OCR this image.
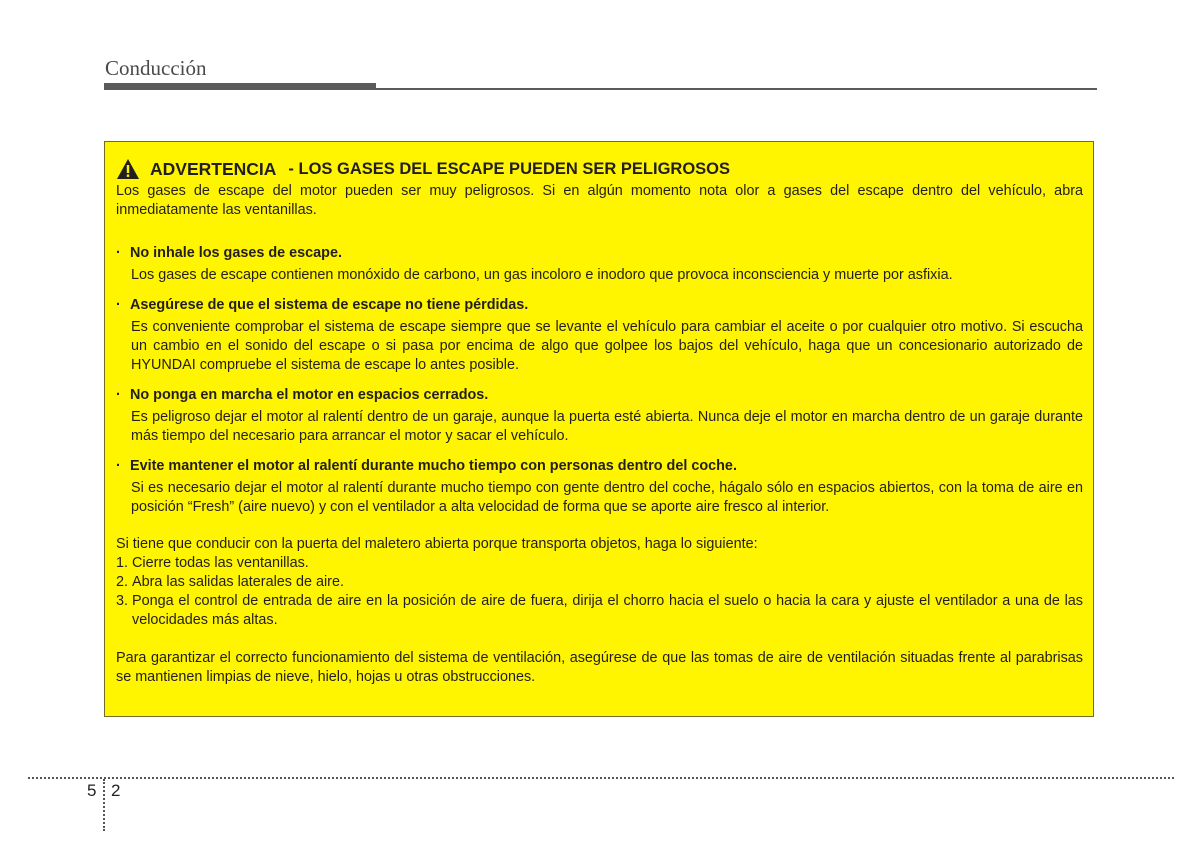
Conducción
ADVERTENCIA - LOS GASES DEL ESCAPE PUEDEN SER PELIGROSOS

Los gases de escape del motor pueden ser muy peligrosos. Si en algún momento nota olor a gases del escape dentro del vehículo, abra inmediatamente las ventanillas.

· No inhale los gases de escape.
Los gases de escape contienen monóxido de carbono, un gas incoloro e inodoro que provoca inconsciencia y muerte por asfixia.
· Asegúrese de que el sistema de escape no tiene pérdidas.
Es conveniente comprobar el sistema de escape siempre que se levante el vehículo para cambiar el aceite o por cualquier otro motivo. Si escucha un cambio en el sonido del escape o si pasa por encima de algo que golpee los bajos del vehículo, haga que un concesionario autorizado de HYUNDAI compruebe el sistema de escape lo antes posible.
· No ponga en marcha el motor en espacios cerrados.
Es peligroso dejar el motor al ralentí dentro de un garaje, aunque la puerta esté abierta. Nunca deje el motor en marcha dentro de un garaje durante más tiempo del necesario para arrancar el motor y sacar el vehículo.
· Evite mantener el motor al ralentí durante mucho tiempo con personas dentro del coche.
Si es necesario dejar el motor al ralentí durante mucho tiempo con gente dentro del coche, hágalo sólo en espacios abiertos, con la toma de aire en posición “Fresh” (aire nuevo) y con el ventilador a alta velocidad de forma que se aporte aire fresco al interior.

Si tiene que conducir con la puerta del maletero abierta porque transporta objetos, haga lo siguiente:

1. Cierre todas las ventanillas.
2. Abra las salidas laterales de aire.
3. Ponga el control de entrada de aire en la posición de aire de fuera, dirija el chorro hacia el suelo o hacia la cara y ajuste el ventilador a una de las velocidades más altas.

Para garantizar el correcto funcionamiento del sistema de ventilación, asegúrese de que las tomas de aire de ventilación situadas frente al parabrisas se mantienen limpias de nieve, hielo, hojas u otras obstrucciones.

5 2
